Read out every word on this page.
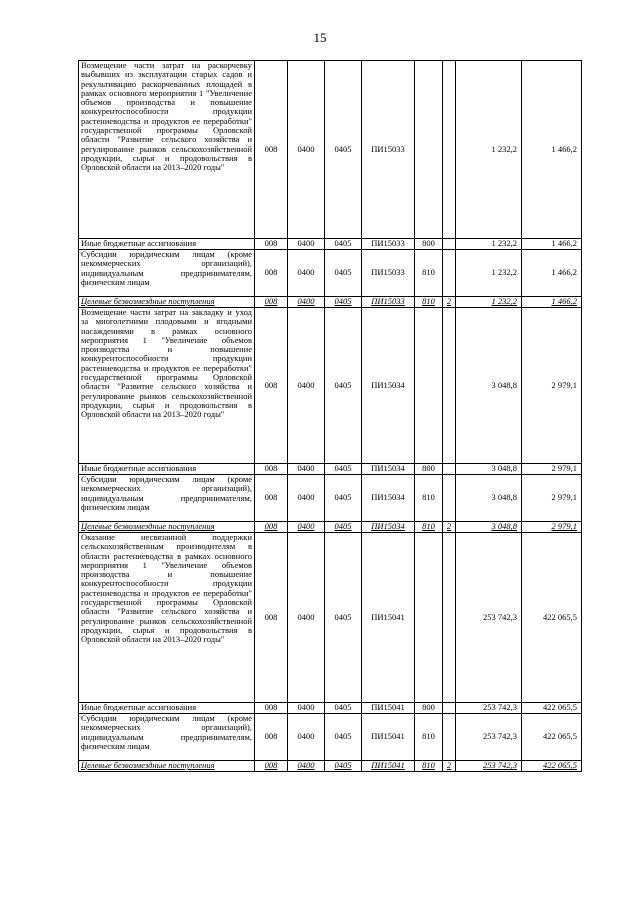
15
Возмещение части затрат на раскорчевку выбывших из эксплуатации старых садов и рекультивацию раскорчеванных площадей в рамках основного мероприятия 1 "Увеличение объемов производства и повышение конкурентоспособности продукции растениеводства и продуктов ее переработки" государственной программы Орловской области "Развитие сельского хозяйства и регулирование рынков сельскохозяйственной продукции, сырья и продовольствия в Орловской области на 2013–2020 годы"	008	0400	0405	ПИ15033			1 232,2	1 466,2
Иные бюджетные ассигнования	008	0400	0405	ПИ15033	800		1 232,2	1 466,2
Субсидии юридическим лицам (кроме некоммерческих организаций), индивидуальным предпринимателям, физическим лицам	008	0400	0405	ПИ15033	810		1 232,2	1 466,2
Целевые безвозмездные поступления	008	0400	0405	ПИ15033	810	2	1 232,2	1 466,2
Возмещение части затрат на закладку и уход за многолетними плодовыми и ягодными насаждениями в рамках основного мероприятия 1 "Увеличение объемов производства и повышение конкурентоспособности продукции растениеводства и продуктов ее переработки" государственной программы Орловской области "Развитие сельского хозяйства и регулирование рынков сельскохозяйственной продукции, сырья и продовольствия в Орловской области на 2013–2020 годы"	008	0400	0405	ПИ15034			3 048,8	2 979,1
Иные бюджетные ассигнования	008	0400	0405	ПИ15034	800		3 048,8	2 979,1
Субсидии юридическим лицам (кроме некоммерческих организаций), индивидуальным предпринимателям, физическим лицам	008	0400	0405	ПИ15034	810		3 048,8	2 979,1
Целевые безвозмездные поступления	008	0400	0405	ПИ15034	810	2	3 048,8	2 979,1
Оказание несвязанной поддержки сельскохозяйственным производителям в области растениеводства в рамках основного мероприятия 1 "Увеличение объемов производства и повышение конкурентоспособности продукции растениеводства и продуктов ее переработки" государственной программы Орловской области "Развитие сельского хозяйства и регулирование рынков сельскохозяйственной продукции, сырья и продовольствия в Орловской области на 2013–2020 годы"	008	0400	0405	ПИ15041			253 742,3	422 065,5
Иные бюджетные ассигнования	008	0400	0405	ПИ15041	800		253 742,3	422 065,5
Субсидии юридическим лицам (кроме некоммерческих организаций), индивидуальным предпринимателям, физическим лицам	008	0400	0405	ПИ15041	810		253 742,3	422 065,5
Целевые безвозмездные поступления	008	0400	0405	ПИ15041	810	2	253 742,3	422 065,5
